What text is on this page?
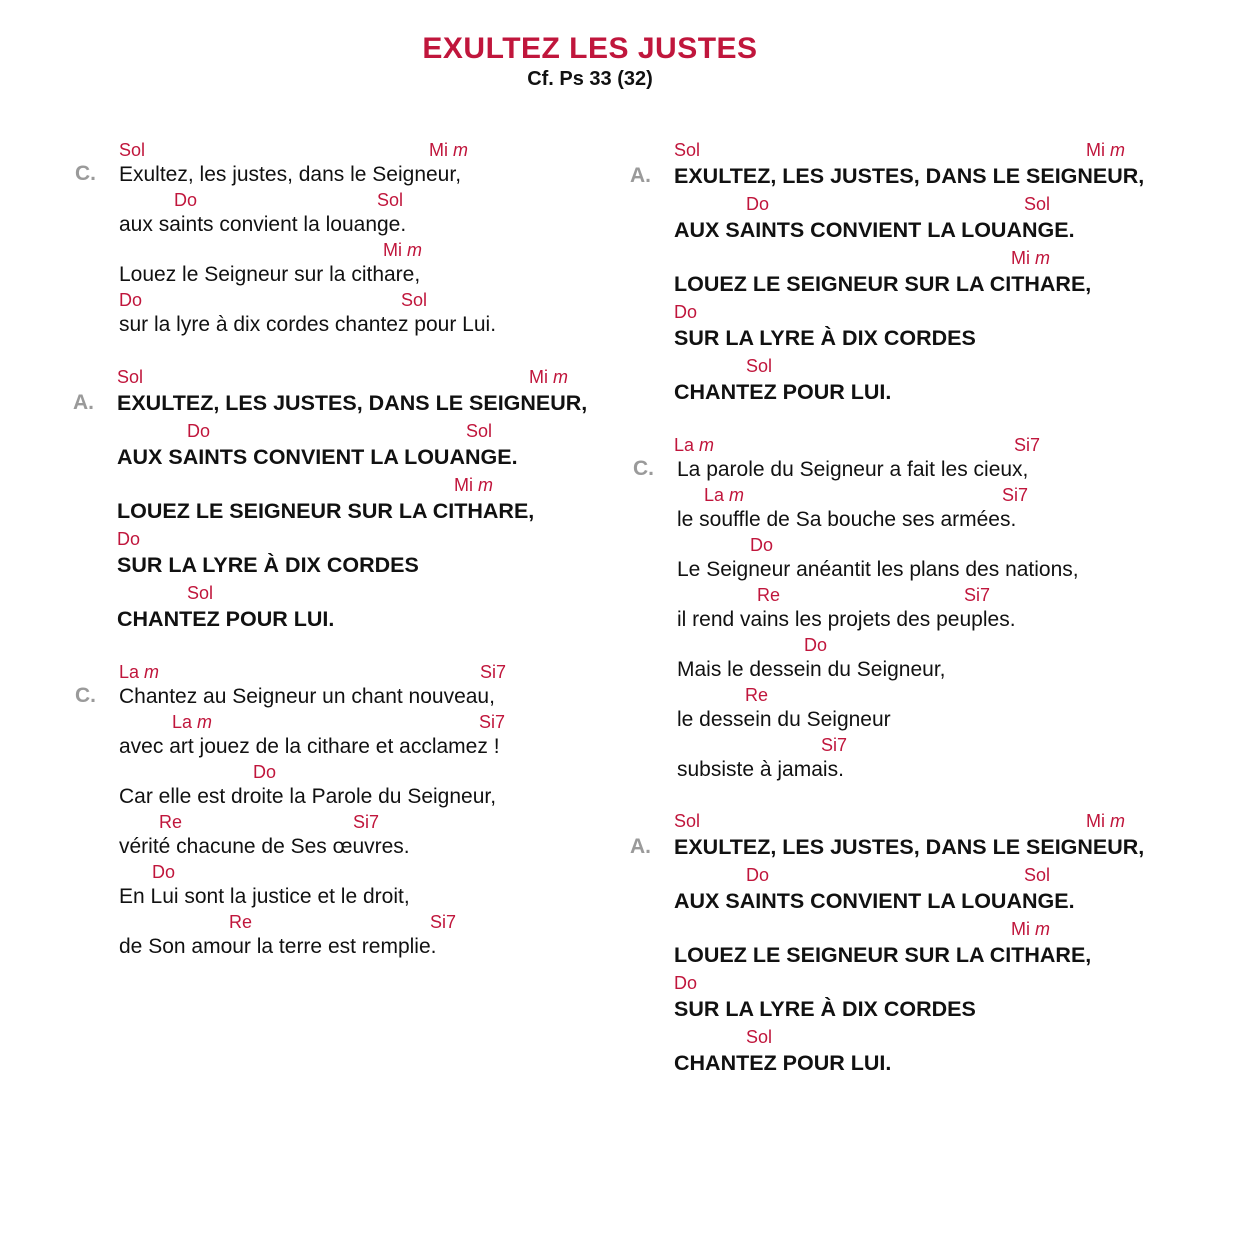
EXULTEZ LES JUSTES
Cf. Ps 33 (32)
C.
Sol	Mi m
Exultez, les justes, dans le Seigneur,
Do	Sol
aux saints convient la louange.
Mi m
Louez le Seigneur sur la cithare,
Do	Sol
sur la lyre à dix cordes chantez pour Lui.
A.
Sol	Mi m
EXULTEZ, LES JUSTES, DANS LE SEIGNEUR,
Do	Sol
AUX SAINTS CONVIENT LA LOUANGE.
Mi m
LOUEZ LE SEIGNEUR SUR LA CITHARE,
Do
SUR LA LYRE À DIX CORDES
Sol
CHANTEZ POUR LUI.
C.
La m	Si7
Chantez au Seigneur un chant nouveau,
La m	Si7
avec art jouez de la cithare et acclamez !
Do
Car elle est droite la Parole du Seigneur,
Re	Si7
vérité chacune de Ses œuvres.
Do
En Lui sont la justice et le droit,
Re	Si7
de Son amour la terre est remplie.
A.
Sol	Mi m
EXULTEZ, LES JUSTES, DANS LE SEIGNEUR,
Do	Sol
AUX SAINTS CONVIENT LA LOUANGE.
Mi m
LOUEZ LE SEIGNEUR SUR LA CITHARE,
Do
SUR LA LYRE À DIX CORDES
Sol
CHANTEZ POUR LUI.
C.
La m	Si7
La parole du Seigneur a fait les cieux,
La m	Si7
le souffle de Sa bouche ses armées.
Do
Le Seigneur anéantit les plans des nations,
Re	Si7
il rend vains les projets des peuples.
Do
Mais le dessein du Seigneur,
Re
le dessein du Seigneur
Si7
subsiste à jamais.
A.
Sol	Mi m
EXULTEZ, LES JUSTES, DANS LE SEIGNEUR,
Do	Sol
AUX SAINTS CONVIENT LA LOUANGE.
Mi m
LOUEZ LE SEIGNEUR SUR LA CITHARE,
Do
SUR LA LYRE À DIX CORDES
Sol
CHANTEZ POUR LUI.
